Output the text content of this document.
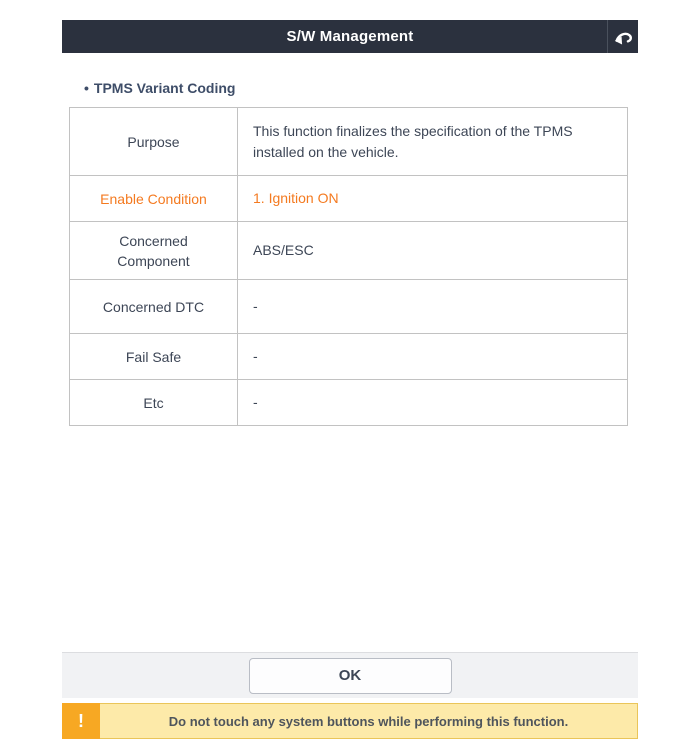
S/W Management
• TPMS Variant Coding
Purpose	This function finalizes the specification of the TPMS installed on the vehicle.
Enable Condition	1. Ignition ON
Concerned Component	ABS/ESC
Concerned DTC	-
Fail Safe	-
Etc	-
OK
!	Do not touch any system buttons while performing this function.
